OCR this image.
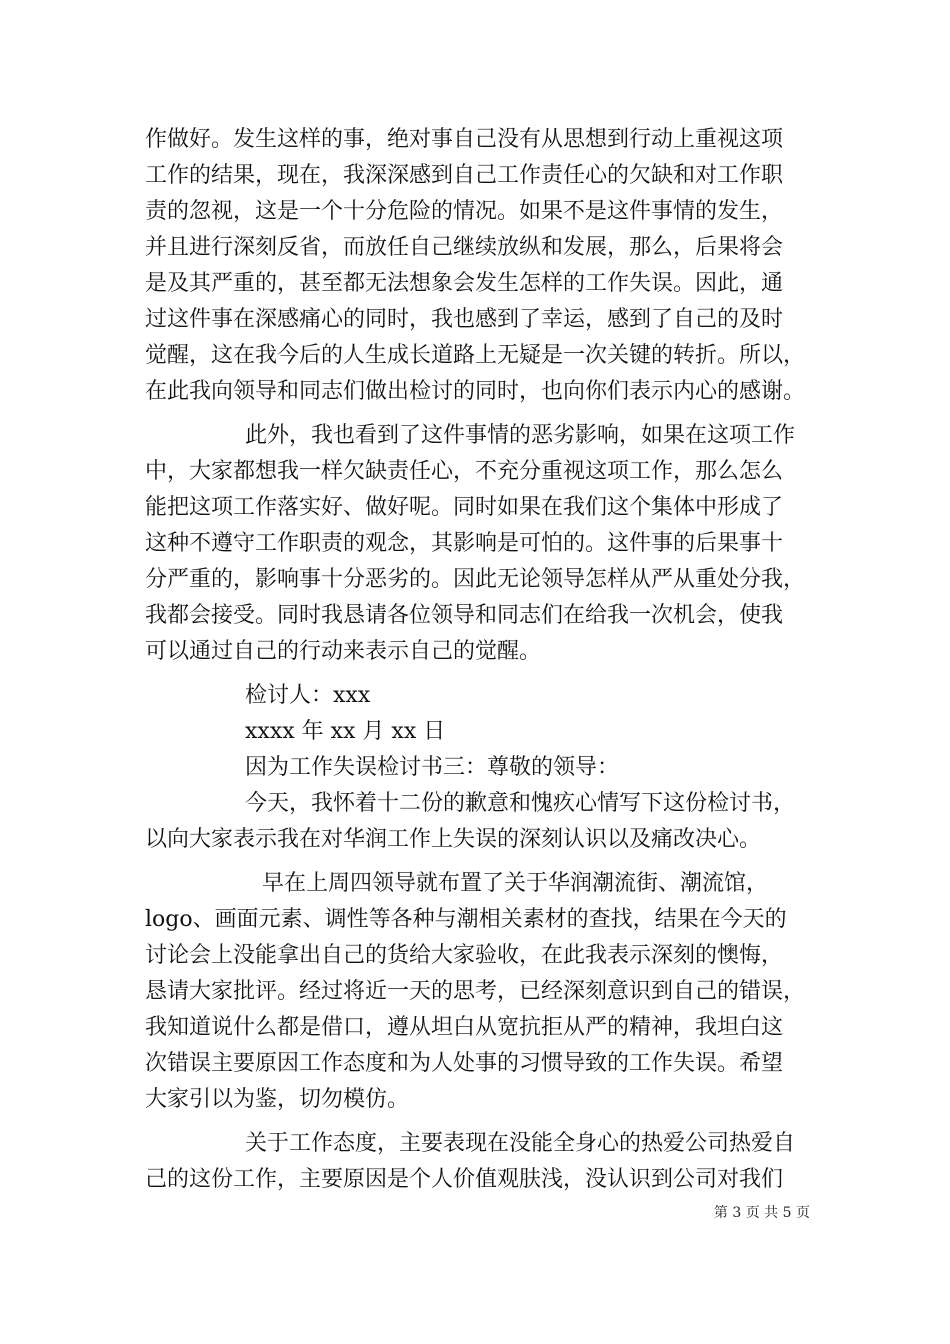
作做好。发生这样的事，绝对事自己没有从思想到行动上重视这项
工作的结果，现在，我深深感到自己工作责任心的欠缺和对工作职
责的忽视，这是一个十分危险的情况。如果不是这件事情的发生，
并且进行深刻反省，而放任自己继续放纵和发展，那么，后果将会
是及其严重的，甚至都无法想象会发生怎样的工作失误。因此，通
过这件事在深感痛心的同时，我也感到了幸运，感到了自己的及时
觉醒，这在我今后的人生成长道路上无疑是一次关键的转折。所以，
在此我向领导和同志们做出检讨的同时，也向你们表示内心的感谢。
此外，我也看到了这件事情的恶劣影响，如果在这项工作
中，大家都想我一样欠缺责任心，不充分重视这项工作，那么怎么
能把这项工作落实好、做好呢。同时如果在我们这个集体中形成了
这种不遵守工作职责的观念，其影响是可怕的。这件事的后果事十
分严重的，影响事十分恶劣的。因此无论领导怎样从严从重处分我，
我都会接受。同时我恳请各位领导和同志们在给我一次机会，使我
可以通过自己的行动来表示自己的觉醒。
检讨人：xxx
xxxx 年 xx 月 xx 日
因为工作失误检讨书三：尊敬的领导：
今天，我怀着十二份的歉意和愧疚心情写下这份检讨书，
以向大家表示我在对华润工作上失误的深刻认识以及痛改决心。
早在上周四领导就布置了关于华润潮流街、潮流馆，
logo、画面元素、调性等各种与潮相关素材的查找，结果在今天的
讨论会上没能拿出自己的货给大家验收，在此我表示深刻的懊悔，
恳请大家批评。经过将近一天的思考，已经深刻意识到自己的错误，
我知道说什么都是借口，遵从坦白从宽抗拒从严的精神，我坦白这
次错误主要原因工作态度和为人处事的习惯导致的工作失误。希望
大家引以为鉴，切勿模仿。
关于工作态度，主要表现在没能全身心的热爱公司热爱自
己的这份工作，主要原因是个人价值观肤浅，没认识到公司对我们
第 3 页 共 5 页
